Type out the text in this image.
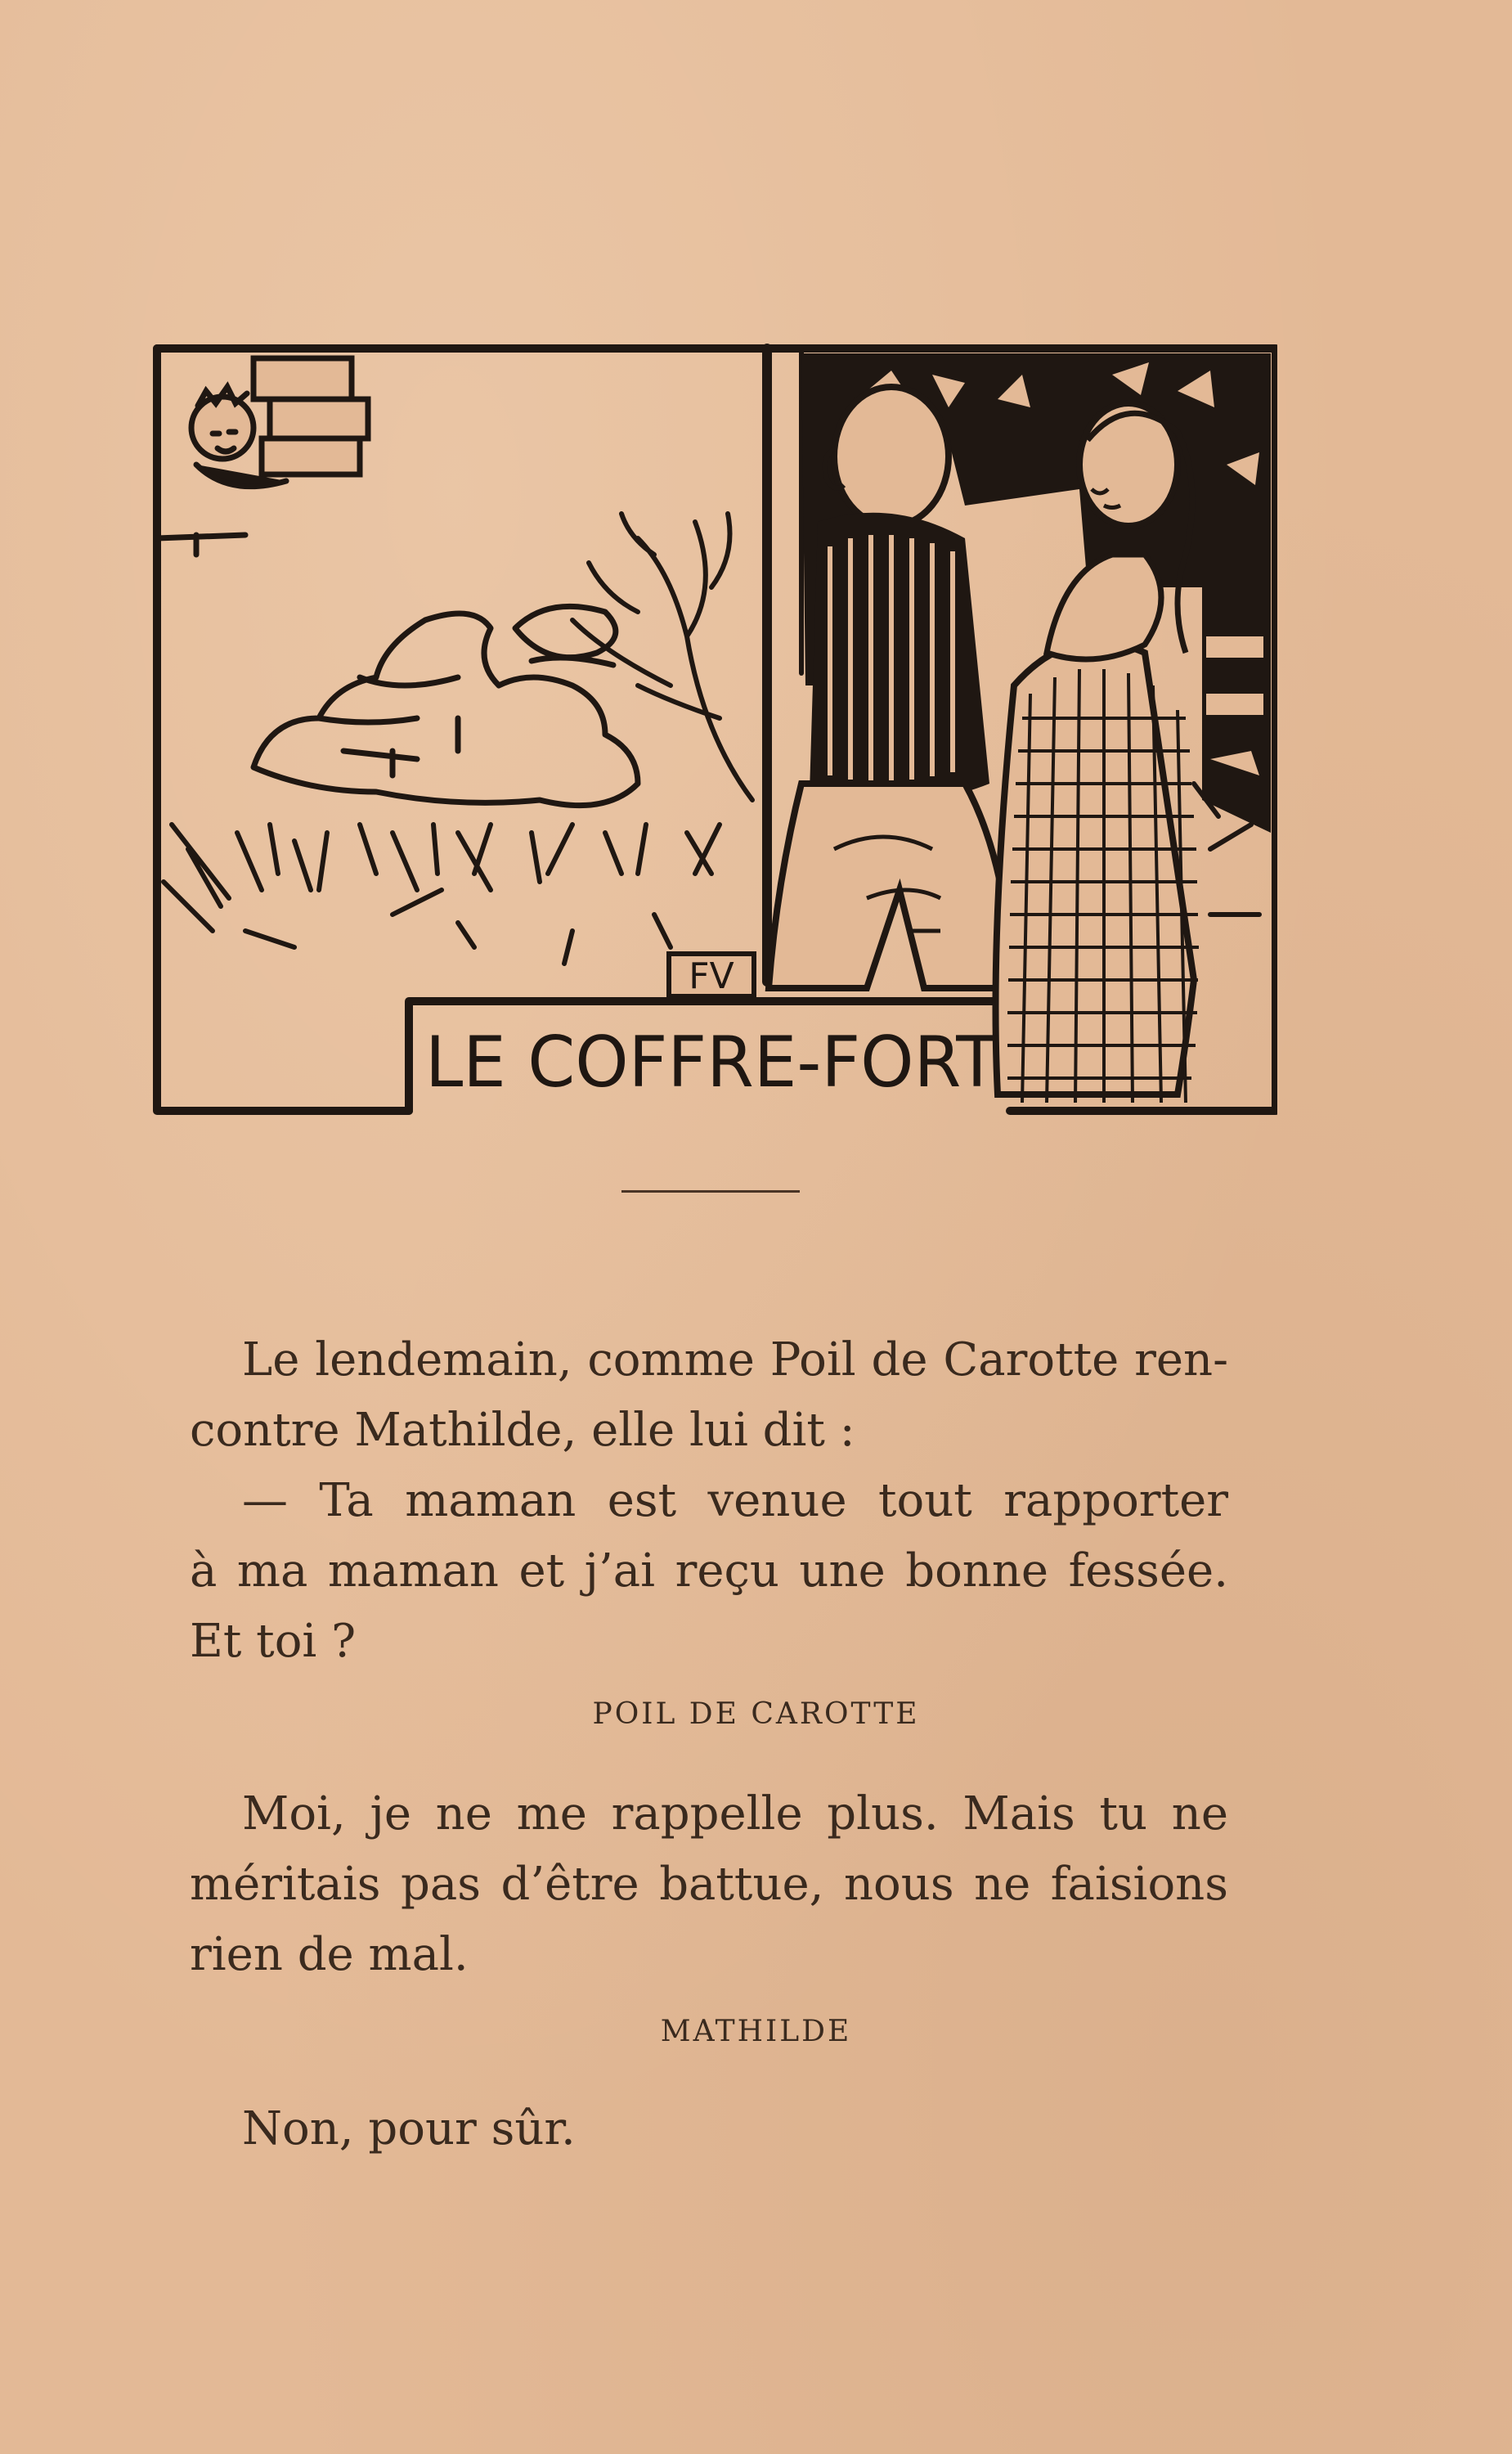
FV
LE COFFRE-FORT
Le lendemain, comme Poil de Carotte ren-
contre Mathilde, elle lui dit :
— Ta maman est venue tout rapporter
à ma maman et j’ai reçu une bonne fessée.
Et toi ?
POIL DE CAROTTE
Moi, je ne me rappelle plus. Mais tu ne
méritais pas d’être battue, nous ne faisions
rien de mal.
MATHILDE
Non, pour sûr.
